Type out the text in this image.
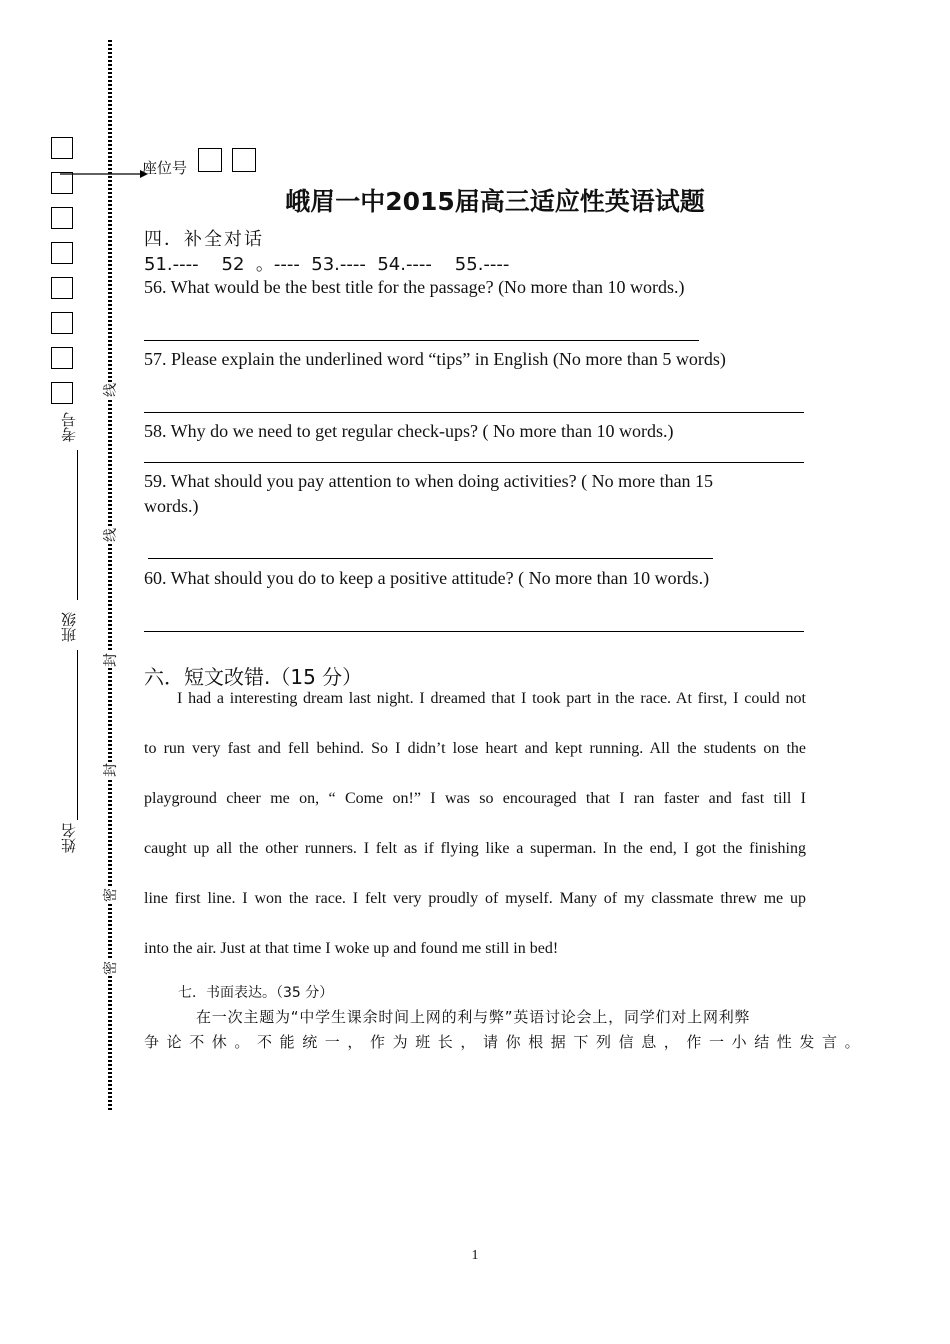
线
线
封
封
密
密
考号
班级
姓名
座位号
峨眉一中2015届高三适应性英语试题
四．补全对话
51.----    52  。----  53.----  54.----    55.----
56. What would be the best title for the passage? (No more than 10 words.)
57. Please explain the underlined word “tips” in English (No more than 5 words)
58. Why do we need to get regular check-ups? ( No more than 10 words.)
59. What should you pay attention to when doing activities? ( No more than 15
words.)
60. What should you do to keep a positive attitude? ( No more than 10 words.)
六．短文改错.（15 分）
I had a interesting dream last night. I dreamed that I took part in the race. At first, I could not
to run very fast and fell behind. So I didn’t lose heart and kept running. All the students on the
playground cheer me on, “ Come on!” I was so encouraged that I ran faster and fast till I
caught up all the other runners. I felt as if flying like a superman. In the end, I got the finishing
line first line. I won the race. I felt very proudly of myself. Many of my classmate threw me up
into the air. Just at that time I woke up and found me still in bed!
七．书面表达。（35 分）
在一次主题为“中学生课余时间上网的利与弊”英语讨论会上，同学们对上网利弊
争论不休。不能统一，作为班长，请你根据下列信息，作一小结性发言。
1
